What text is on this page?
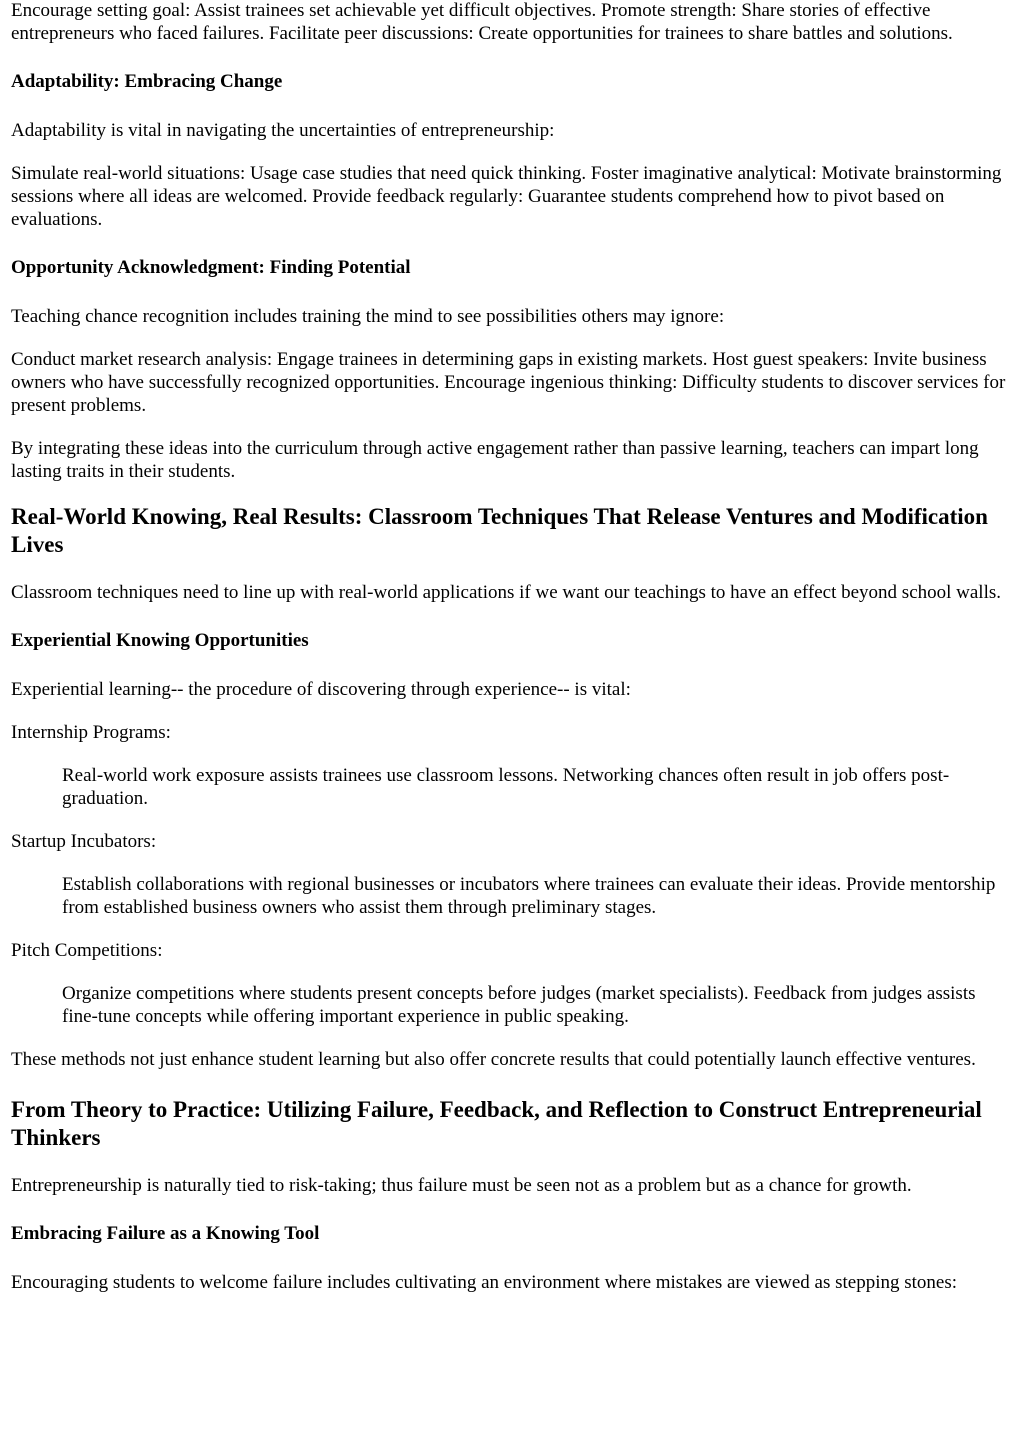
Encourage setting goal: Assist trainees set achievable yet difficult objectives. Promote strength: Share stories of effective entrepreneurs who faced failures. Facilitate peer discussions: Create opportunities for trainees to share battles and solutions.

Adaptability: Embracing Change

Adaptability is vital in navigating the uncertainties of entrepreneurship:

Simulate real-world situations: Usage case studies that need quick thinking. Foster imaginative analytical: Motivate brainstorming sessions where all ideas are welcomed. Provide feedback regularly: Guarantee students comprehend how to pivot based on evaluations.

Opportunity Acknowledgment: Finding Potential

Teaching chance recognition includes training the mind to see possibilities others may ignore:

Conduct market research analysis: Engage trainees in determining gaps in existing markets. Host guest speakers: Invite business owners who have successfully recognized opportunities. Encourage ingenious thinking: Difficulty students to discover services for present problems.

By integrating these ideas into the curriculum through active engagement rather than passive learning, teachers can impart long lasting traits in their students.

Real-World Knowing, Real Results: Classroom Techniques That Release Ventures and Modification Lives

Classroom techniques need to line up with real-world applications if we want our teachings to have an effect beyond school walls.

Experiential Knowing Opportunities

Experiential learning-- the procedure of discovering through experience-- is vital:

Internship Programs:

Real-world work exposure assists trainees use classroom lessons. Networking chances often result in job offers post-graduation.

Startup Incubators:

Establish collaborations with regional businesses or incubators where trainees can evaluate their ideas. Provide mentorship from established business owners who assist them through preliminary stages.

Pitch Competitions:

Organize competitions where students present concepts before judges (market specialists). Feedback from judges assists fine-tune concepts while offering important experience in public speaking.

These methods not just enhance student learning but also offer concrete results that could potentially launch effective ventures.

From Theory to Practice: Utilizing Failure, Feedback, and Reflection to Construct Entrepreneurial Thinkers

Entrepreneurship is naturally tied to risk-taking; thus failure must be seen not as a problem but as a chance for growth.

Embracing Failure as a Knowing Tool

Encouraging students to welcome failure includes cultivating an environment where mistakes are viewed as stepping stones:
